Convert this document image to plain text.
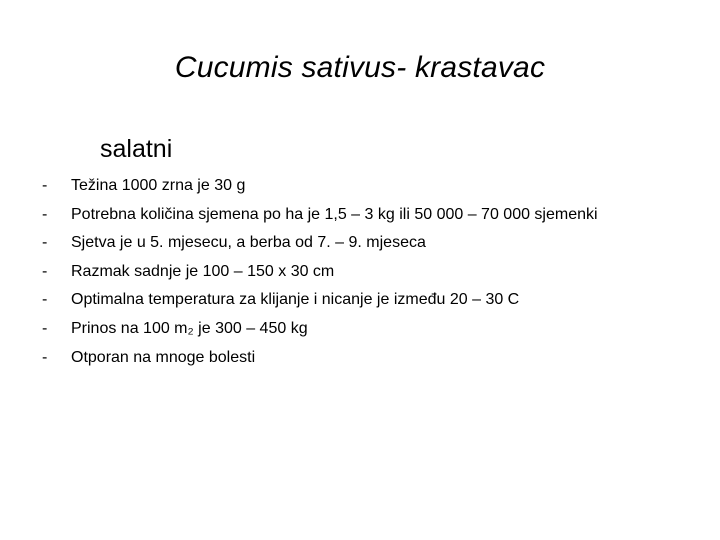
Cucumis sativus- krastavac
salatni
- Težina 1000 zrna je 30 g
- Potrebna količina sjemena po ha je 1,5 – 3 kg ili 50 000 – 70 000 sjemenki
- Sjetva je u 5. mjesecu, a berba od 7. – 9. mjeseca
- Razmak sadnje je 100 – 150 x 30 cm
- Optimalna temperatura za klijanje i nicanje je između 20 – 30 C
- Prinos na 100 m₂ je 300 – 450 kg
- Otporan na mnoge bolesti
